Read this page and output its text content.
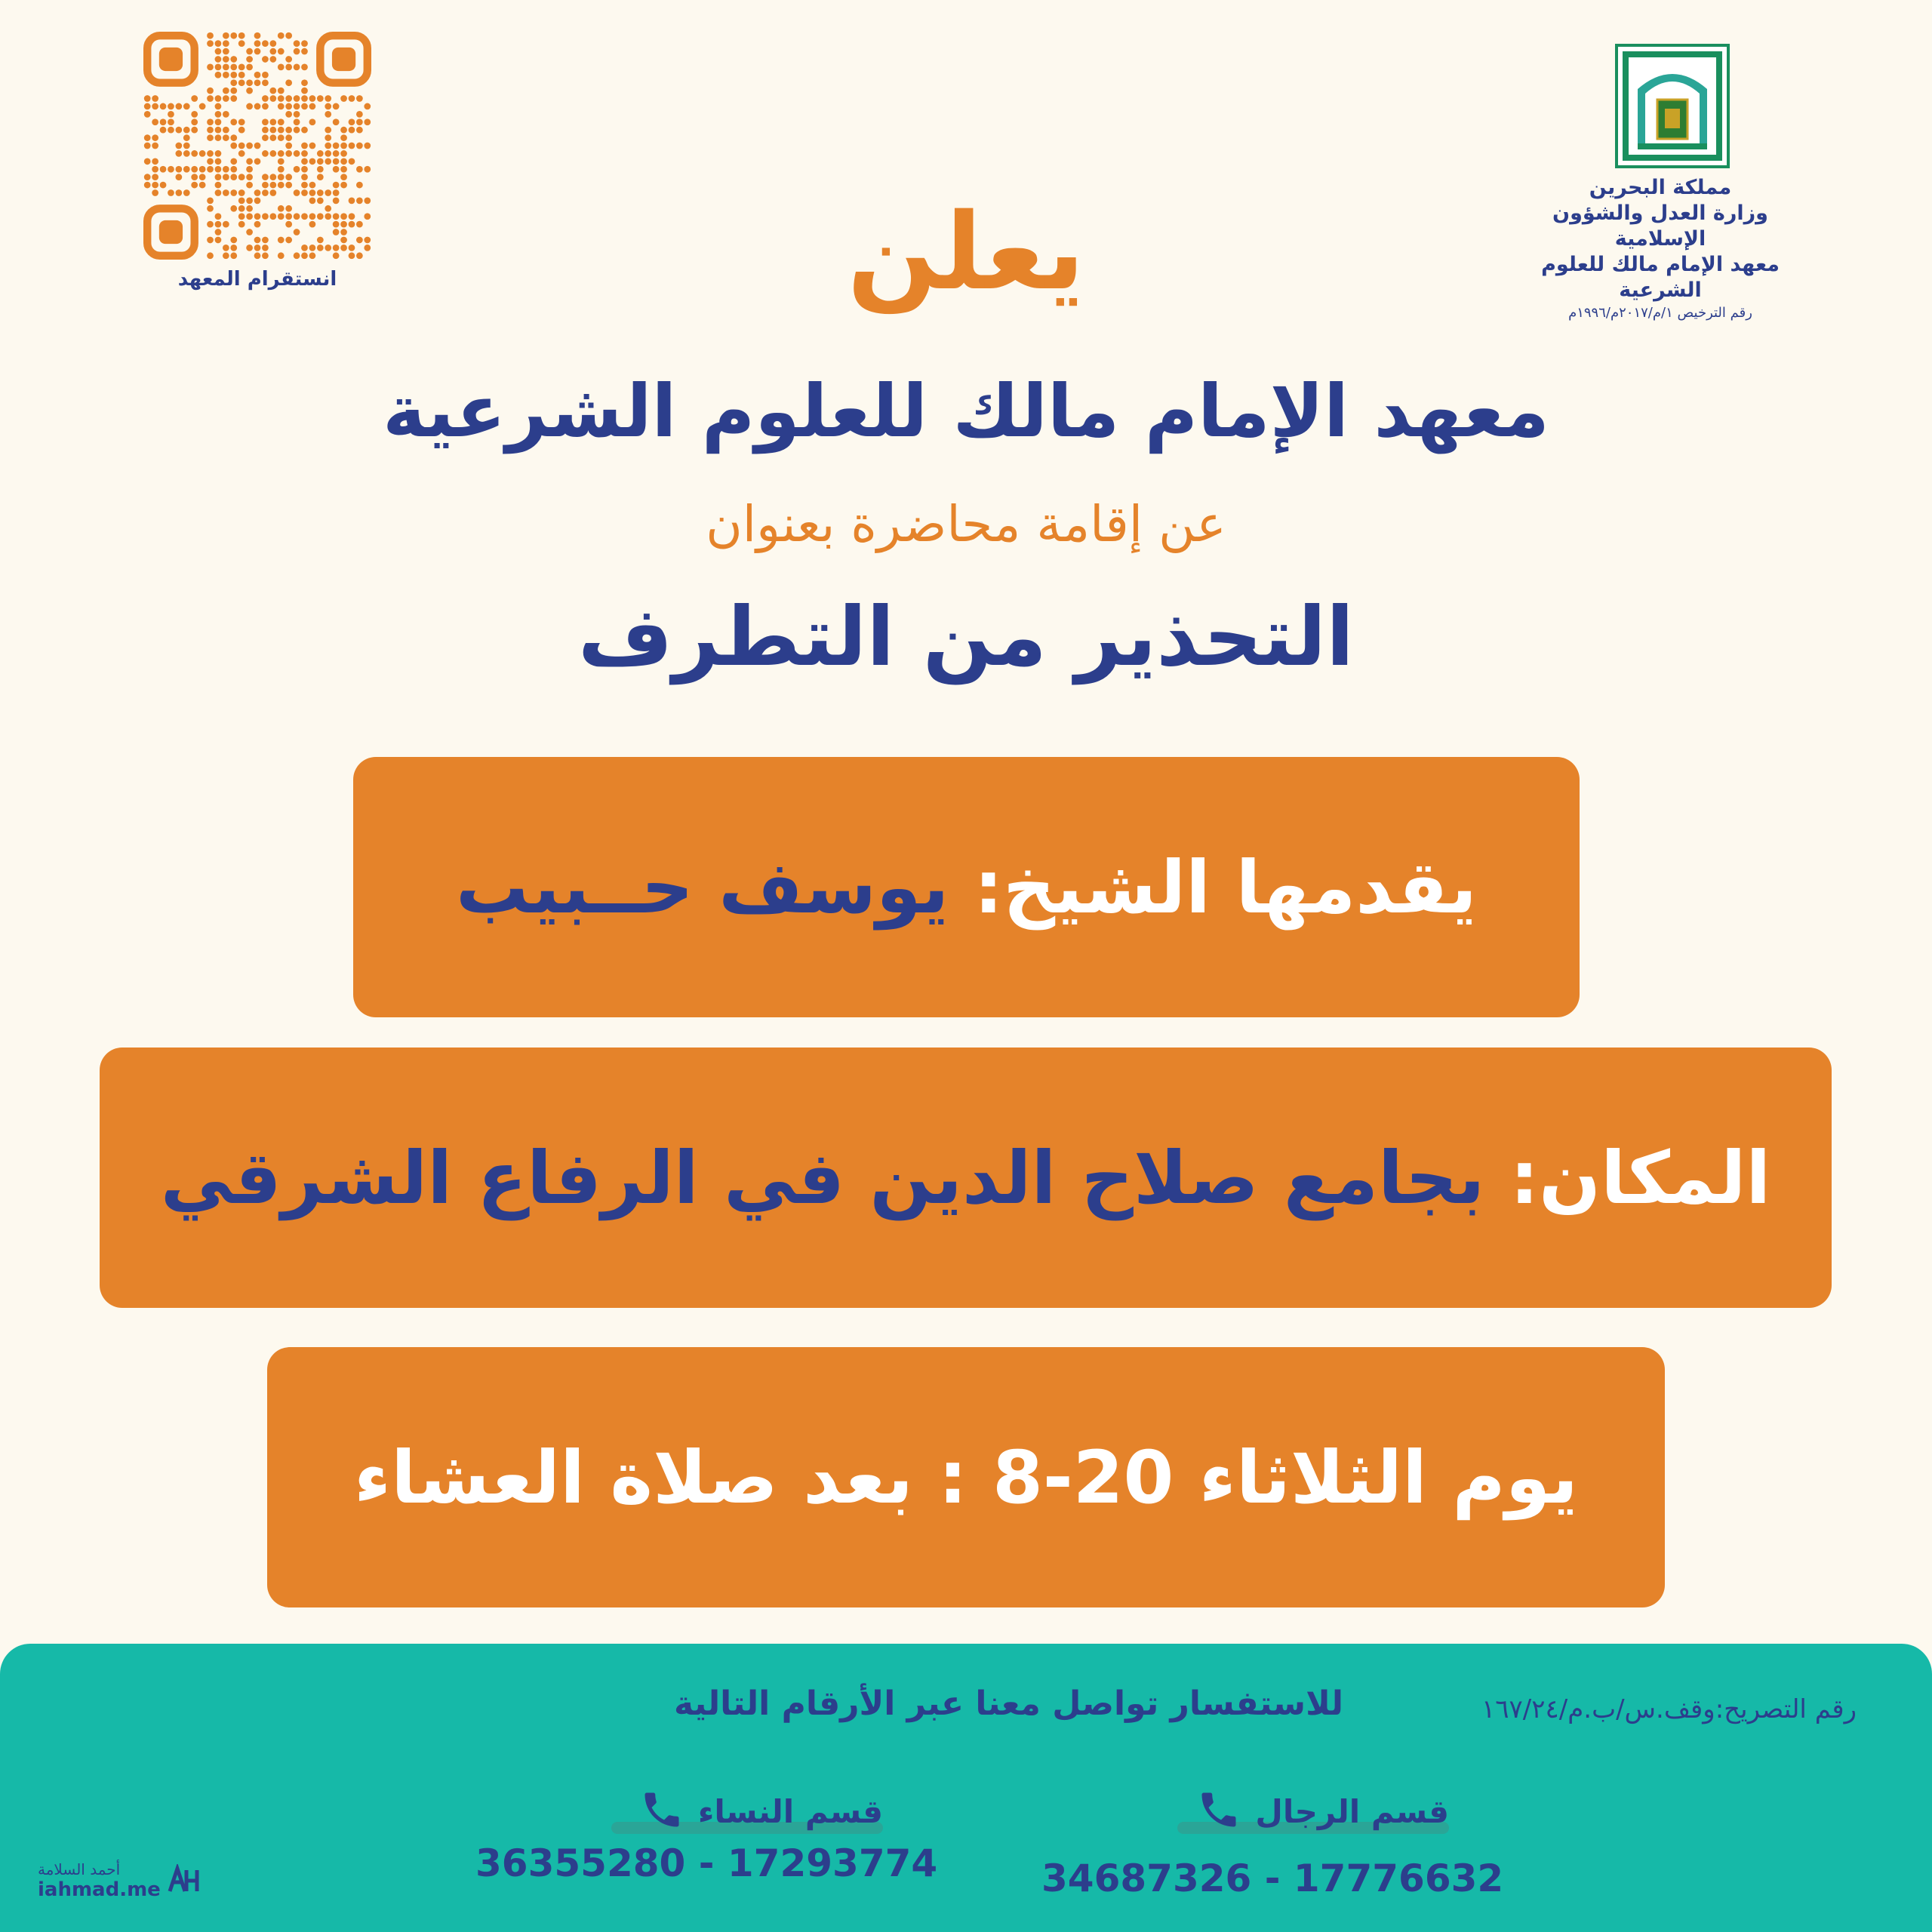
انستقرام المعهد
مملكة البحرين
وزارة العدل والشؤون الإسلامية
معهد الإمام مالك للعلوم الشرعية
رقم الترخيص ١/م/٢٠١٧م/١٩٩٦م
يعلن
معهد الإمام مالك للعلوم الشرعية
عن إقامة محاضرة بعنوان
التحذير من التطرف
يقدمها الشيخ:

يوسف حــبيب
المكان:

بجامع صلاح الدين في الرفاع الشرقي
يوم الثلاثاء 20-8 : بعد صلاة العشاء
للاستفسار تواصل معنا عبر الأرقام التالية	رقم التصريح:وقف.س/ب.م/١٦٧/٢٤
قسم الرجال
34687326 - 17776632
قسم النساء
36355280 - 17293774
أحمد السلامة
iahmad.me
